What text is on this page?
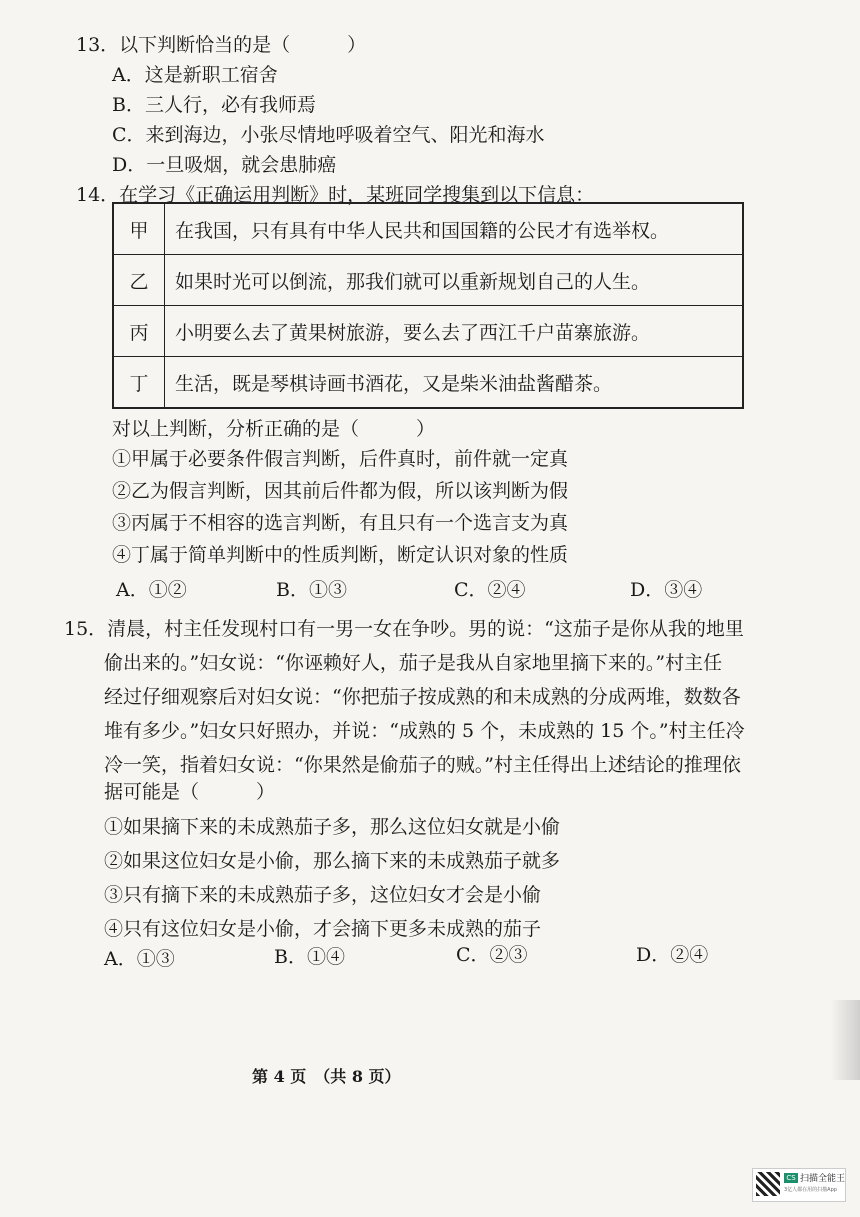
13．以下判断恰当的是（　　　）
A．这是新职工宿舍
B．三人行，必有我师焉
C．来到海边，小张尽情地呼吸着空气、阳光和海水
D．一旦吸烟，就会患肺癌
14．在学习《正确运用判断》时，某班同学搜集到以下信息：
甲	在我国，只有具有中华人民共和国国籍的公民才有选举权。
乙	如果时光可以倒流，那我们就可以重新规划自己的人生。
丙	小明要么去了黄果树旅游，要么去了西江千户苗寨旅游。
丁	生活，既是琴棋诗画书酒花，又是柴米油盐酱醋茶。
对以上判断，分析正确的是（　　　）
①甲属于必要条件假言判断，后件真时，前件就一定真
②乙为假言判断，因其前后件都为假，所以该判断为假
③丙属于不相容的选言判断，有且只有一个选言支为真
④丁属于简单判断中的性质判断，断定认识对象的性质
A．①②	B．①③	C．②④	D．③④
15．清晨，村主任发现村口有一男一女在争吵。男的说：“这茄子是你从我的地里
偷出来的。”妇女说：“你诬赖好人，茄子是我从自家地里摘下来的。”村主任
经过仔细观察后对妇女说：“你把茄子按成熟的和未成熟的分成两堆，数数各
堆有多少。”妇女只好照办，并说：“成熟的 5 个，未成熟的 15 个。”村主任冷
冷一笑，指着妇女说：“你果然是偷茄子的贼。”村主任得出上述结论的推理依
据可能是（　　　）
①如果摘下来的未成熟茄子多，那么这位妇女就是小偷
②如果这位妇女是小偷，那么摘下来的未成熟茄子就多
③只有摘下来的未成熟茄子多，这位妇女才会是小偷
④只有这位妇女是小偷，才会摘下更多未成熟的茄子
A．①③	B．①④	C．②③	D．②④
第 4 页　（共 8 页）
CS 扫描全能王
3亿人都在用的扫描App
